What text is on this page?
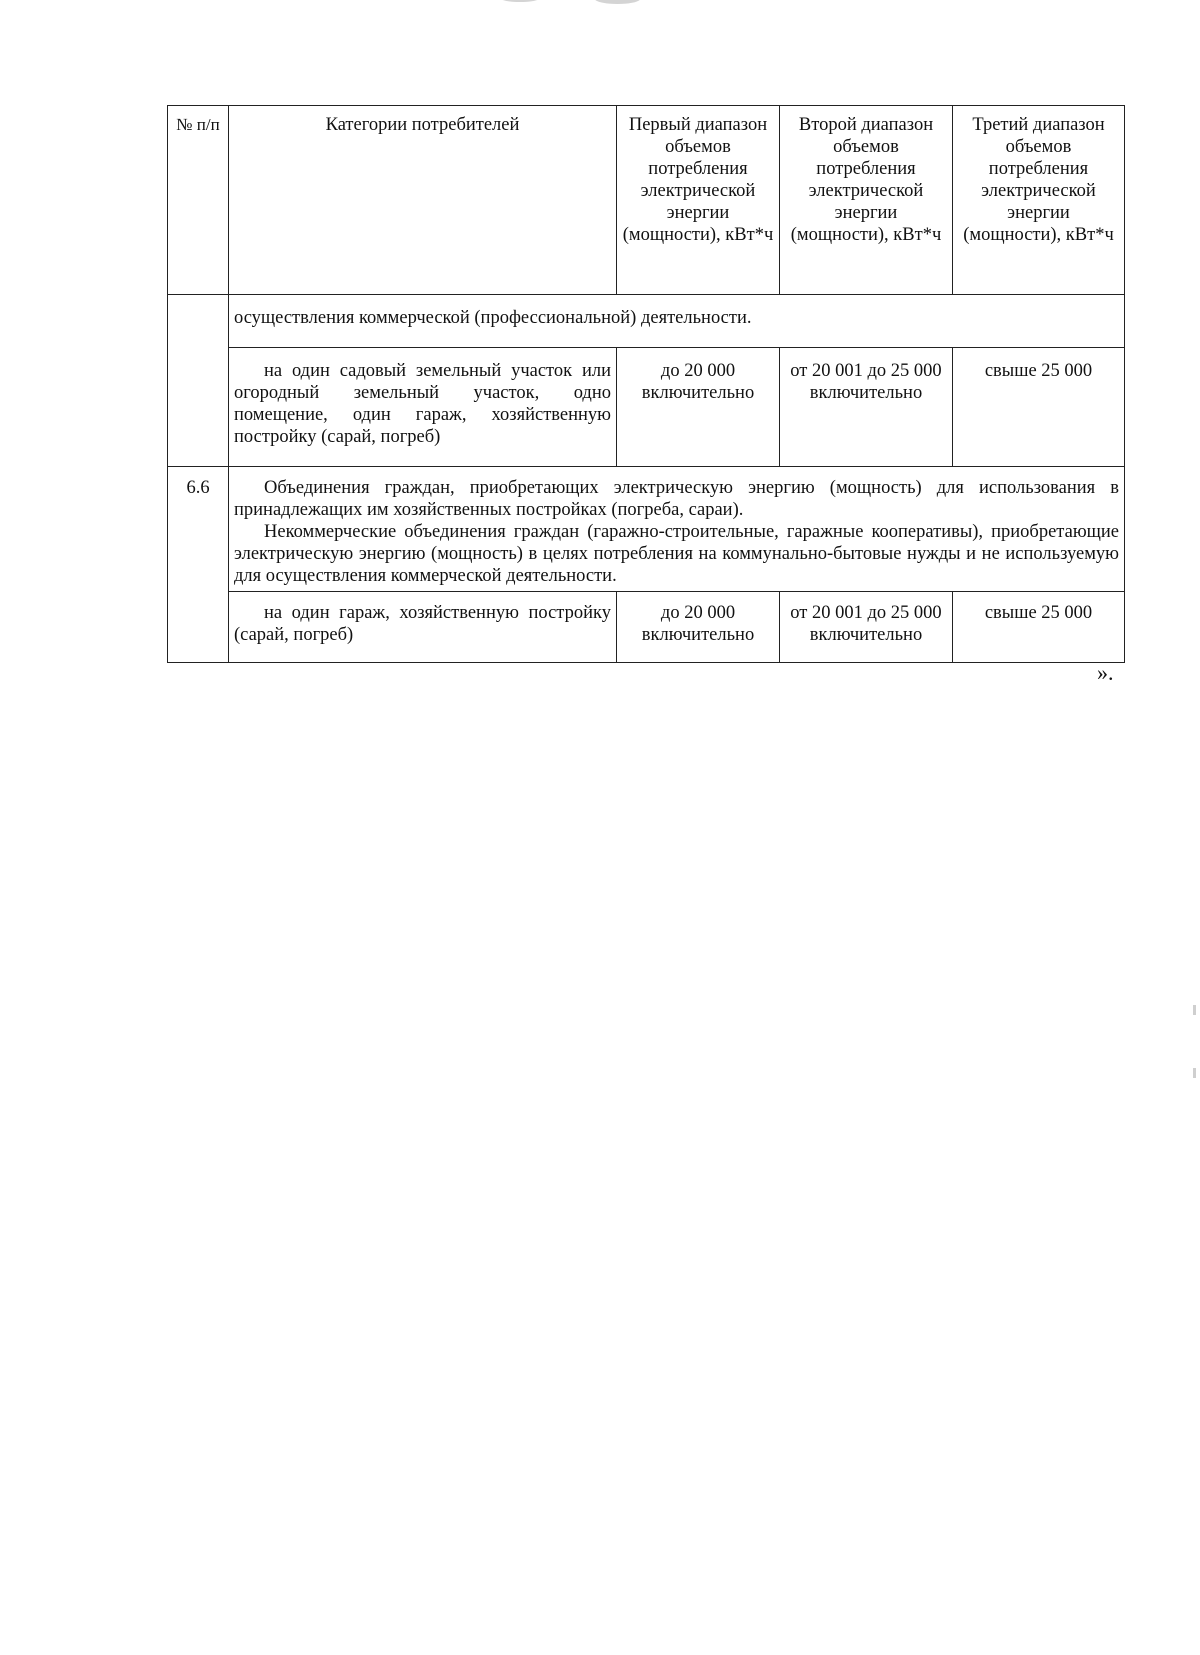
№ п/п	Категории потребителей	Первый диапазон объемов потребления электрической энергии (мощности), кВт*ч	Второй диапазон объемов потребления электрической энергии (мощности), кВт*ч	Третий диапазон объемов потребления электрической энергии (мощности), кВт*ч
	осуществления коммерческой (профессиональной) деятельности.			
	на один садовый земельный участок или огородный земельный участок, одно помещение, один гараж, хозяйственную постройку (сарай, погреб)	до 20 000 включительно	от 20 001 до 25 000 включительно	свыше 25 000
6.6	Объединения граждан, приобретающих электрическую энергию (мощность) для использования в принадлежащих им хозяйственных постройках (погреба, сараи).
Некоммерческие объединения граждан (гаражно-строительные, гаражные кооперативы), приобретающие электрическую энергию (мощность) в целях потребления на коммунально-бытовые нужды и не используемую для осуществления коммерческой деятельности.			

	на один гараж, хозяйственную постройку (сарай, погреб)	до 20 000 включительно	от 20 001 до 25 000 включительно	свыше 25 000
».
